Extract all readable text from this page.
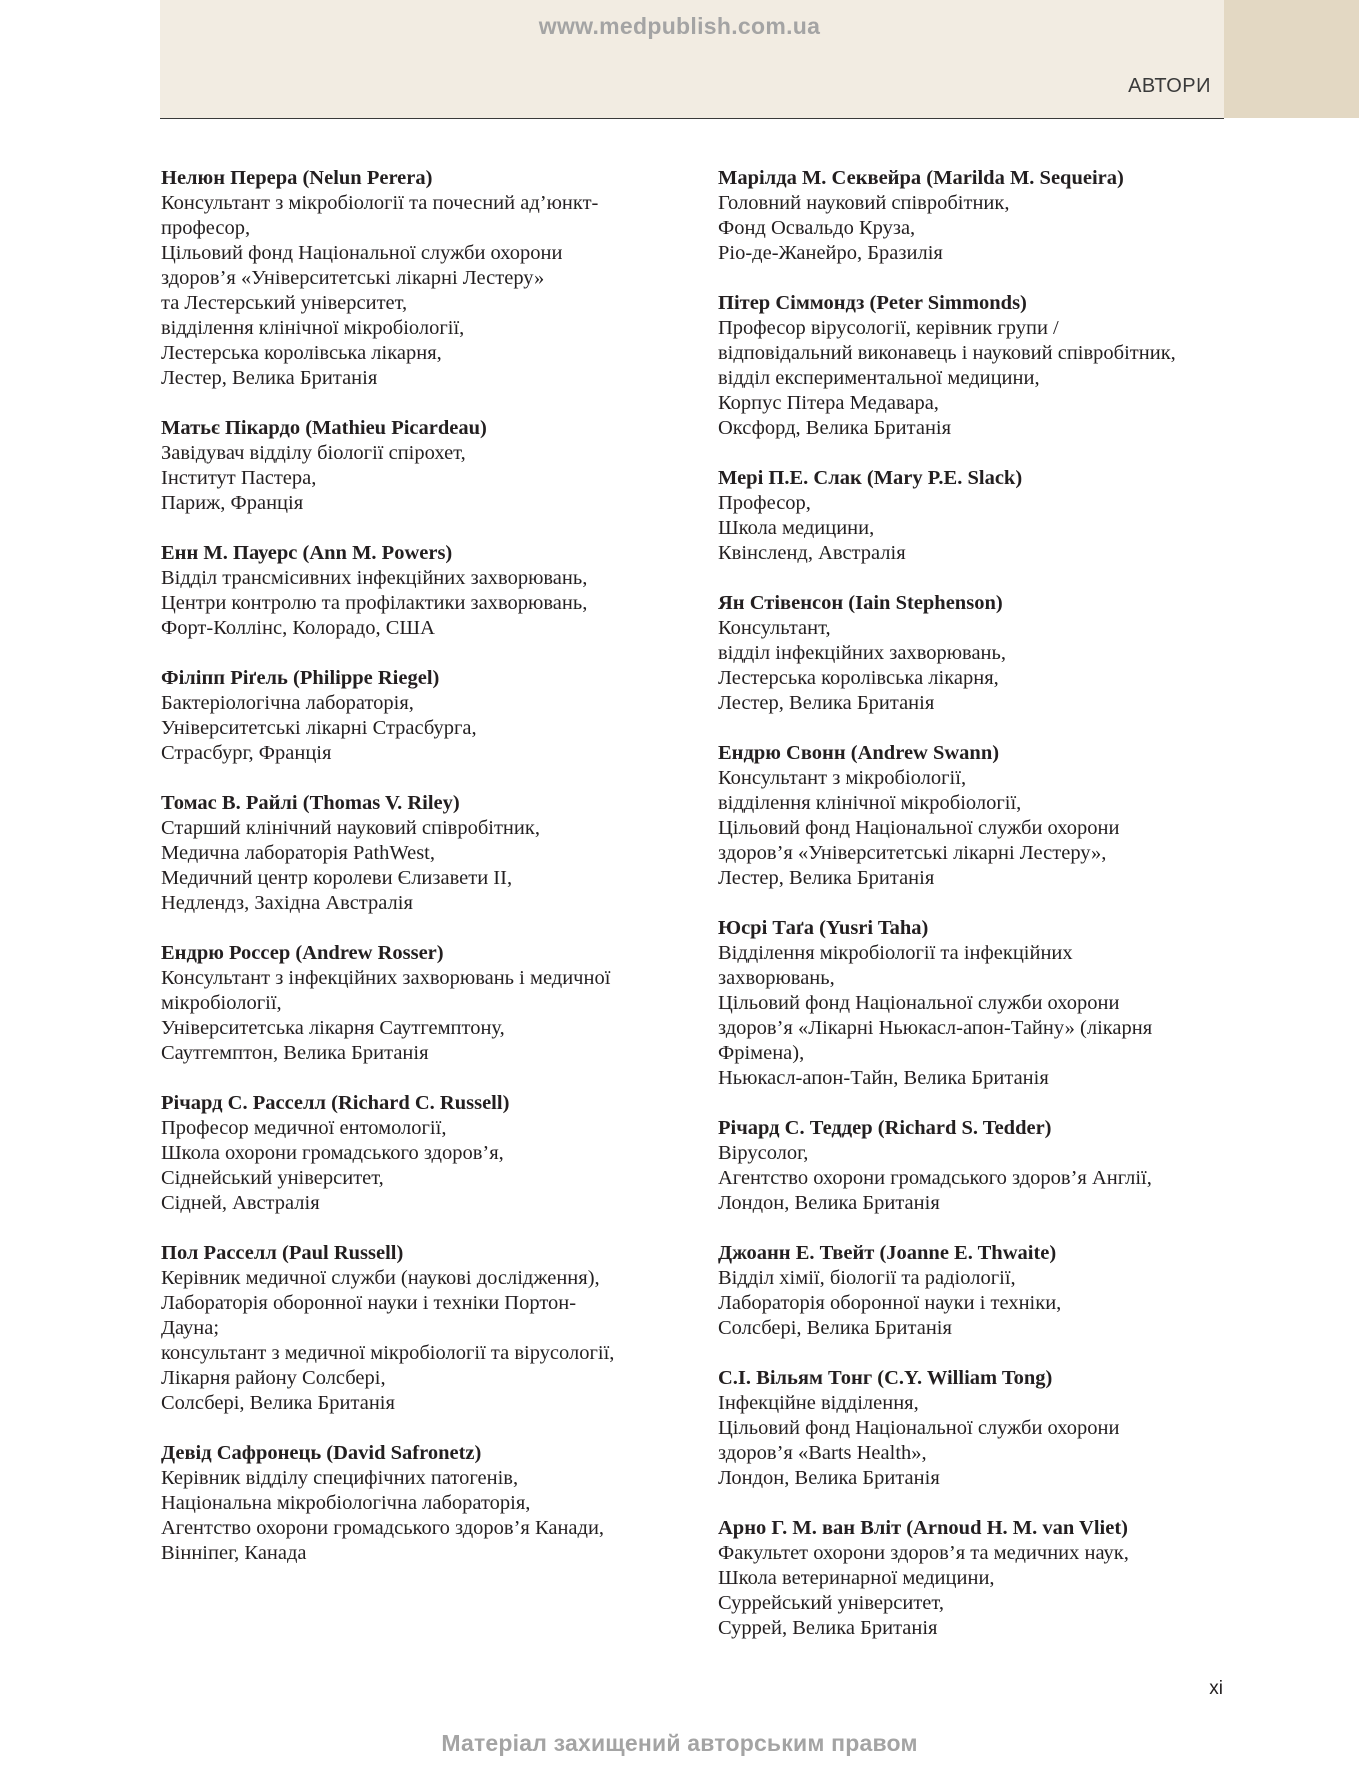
www.medpublish.com.ua
АВТОРИ
Нелюн Перера (Nelun Perera)
Консультант з мікробіології та почесний ад’юнкт-
професор,
Цільовий фонд Національної служби охорони
здоров’я «Університетські лікарні Лестеру»
та Лестерський університет,
відділення клінічної мікробіології,
Лестерська королівська лікарня,
Лестер, Велика Британія
Матьє Пікардо (Mathieu Picardeau)
Завідувач відділу біології спірохет,
Інститут Пастера,
Париж, Франція
Енн М. Пауерс (Ann M. Powers)
Відділ трансмісивних інфекційних захворювань,
Центри контролю та профілактики захворювань,
Форт-Коллінс, Колорадо, США
Філіпп Ріґель (Philippe Riegel)
Бактеріологічна лабораторія,
Університетські лікарні Страсбурга,
Страсбург, Франція
Томас В. Райлі (Thomas V. Riley)
Старший клінічний науковий співробітник,
Медична лабораторія PathWest,
Медичний центр королеви Єлизавети II,
Недлендз, Західна Австралія
Ендрю Россер (Andrew Rosser)
Консультант з інфекційних захворювань і медичної
мікробіології,
Університетська лікарня Саутгемптону,
Саутгемптон, Велика Британія
Річард С. Расселл (Richard C. Russell)
Професор медичної ентомології,
Школа охорони громадського здоров’я,
Сіднейський університет,
Сідней, Австралія
Пол Расселл (Paul Russell)
Керівник медичної служби (наукові дослідження),
Лабораторія оборонної науки і техніки Портон-
Дауна;
консультант з медичної мікробіології та вірусології,
Лікарня району Солсбері,
Солсбері, Велика Британія
Девід Сафронець (David Safronetz)
Керівник відділу специфічних патогенів,
Національна мікробіологічна лабораторія,
Агентство охорони громадського здоров’я Канади,
Вінніпег, Канада
Марілда М. Секвейра (Marilda M. Sequeira)
Головний науковий співробітник,
Фонд Освальдо Круза,
Ріо-де-Жанейро, Бразилія
Пітер Сіммондз (Peter Simmonds)
Професор вірусології, керівник групи /
відповідальний виконавець і науковий співробітник,
відділ експериментальної медицини,
Корпус Пітера Медавара,
Оксфорд, Велика Британія
Мері П.Е. Слак (Mary P.E. Slack)
Професор,
Школа медицини,
Квінсленд, Австралія
Ян Стівенсон (Iain Stephenson)
Консультант,
відділ інфекційних захворювань,
Лестерська королівська лікарня,
Лестер, Велика Британія
Ендрю Свонн (Andrew Swann)
Консультант з мікробіології,
відділення клінічної мікробіології,
Цільовий фонд Національної служби охорони
здоров’я «Університетські лікарні Лестеру»,
Лестер, Велика Британія
Юсрі Таґа (Yusri Taha)
Відділення мікробіології та інфекційних
захворювань,
Цільовий фонд Національної служби охорони
здоров’я «Лікарні Ньюкасл-апон-Тайну» (лікарня
Фрімена),
Ньюкасл-апон-Тайн, Велика Британія
Річард С. Теддер (Richard S. Tedder)
Вірусолог,
Агентство охорони громадського здоров’я Англії,
Лондон, Велика Британія
Джоанн Е. Твейт (Joanne E. Thwaite)
Відділ хімії, біології та радіології,
Лабораторія оборонної науки і техніки,
Солсбері, Велика Британія
С.І. Вільям Тонг (C.Y. William Tong)
Інфекційне відділення,
Цільовий фонд Національної служби охорони
здоров’я «Barts Health»,
Лондон, Велика Британія
Арно Г. М. ван Вліт (Arnoud H. M. van Vliet)
Факультет охорони здоров’я та медичних наук,
Школа ветеринарної медицини,
Суррейський університет,
Суррей, Велика Британія
xi
Матеріал захищений авторським правом
